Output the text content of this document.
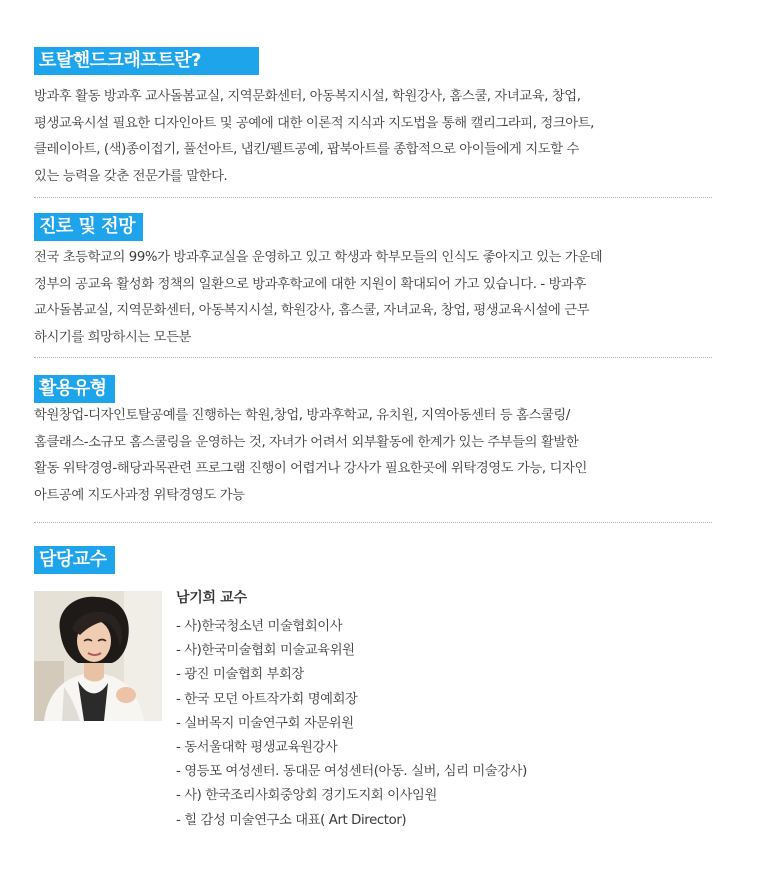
토탈핸드크래프트란?

방과후 활동 방과후 교사돌봄교실, 지역문화센터, 아동복지시설, 학원강사, 홈스쿨, 자녀교육, 창업,
평생교육시설 필요한 디자인아트 및 공예에 대한 이론적 지식과 지도법을 통해 캘리그라피, 정크아트,
클레이아트, (색)종이접기, 풀선아트, 냅킨/펠트공예, 팝북아트를 종합적으로 아이들에게 지도할 수
있는 능력을 갖춘 전문가를 말한다.

진로 및 전망

전국 초등학교의 99%가 방과후교실을 운영하고 있고 학생과 학부모들의 인식도 좋아지고 있는 가운데
정부의 공교육 활성화 정책의 일환으로 방과후학교에 대한 지원이 확대되어 가고 있습니다. - 방과후
교사돌봄교실, 지역문화센터, 아동복지시설, 학원강사, 홈스쿨, 자녀교육, 창업, 평생교육시설에 근무
하시기를 희망하시는 모든분

활용유형

학원창업-디자인토탈공예를 진행하는 학원,창업, 방과후학교, 유치원, 지역아동센터 등 홈스쿨링/
홈클래스-소규모 홈스쿨링을 운영하는 것, 자녀가 어려서 외부활동에 한계가 있는 주부들의 활발한
활동 위탁경영-해당과목관련 프로그램 진행이 어렵거나 강사가 필요한곳에 위탁경영도 가능, 디자인
아트공예 지도사과정 위탁경영도 가능

담당교수
남기희 교수
- 사)한국청소년 미술협회이사
- 사)한국미술협회 미술교육위원
- 광진 미술협회 부회장
- 한국 모던 아트작가회 명예회장
- 실버목지 미술연구회 자문위원
- 동서울대학 평생교육원강사
- 영등포 여성센터. 동대문 여성센터(아동. 실버, 심리 미술강사)
- 사) 한국조리사회중앙회 경기도지회 이사임원
- 힐 감성 미술연구소 대표( Art Director)
